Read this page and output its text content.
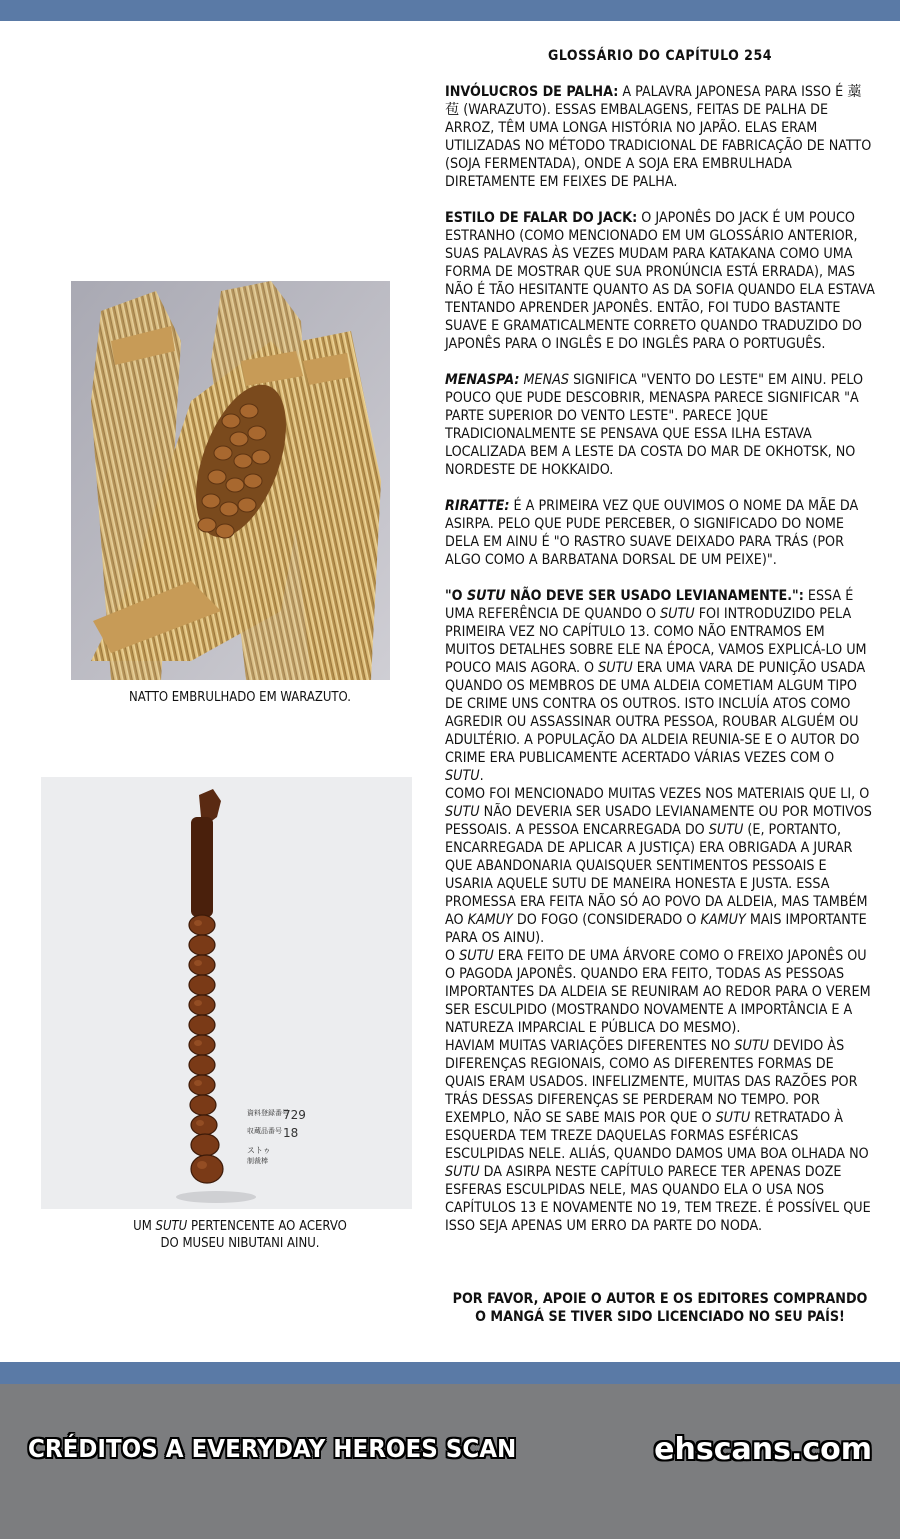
NATTO EMBRULHADO EM WARAZUTO.
資料登録番号
729
収蔵品番号 18
ストゥ
制裁棒
UM SUTU PERTENCENTE AO ACERVO
DO MUSEU NIBUTANI AINU.
GLOSSÁRIO DO CAPÍTULO 254

INVÓLUCROS DE PALHA: A PALAVRA JAPONESA PARA ISSO É 藁苞 (WARAZUTO). ESSAS EMBALAGENS, FEITAS DE PALHA DE ARROZ, TÊM UMA LONGA HISTÓRIA NO JAPÃO. ELAS ERAM UTILIZADAS NO MÉTODO TRADICIONAL DE FABRICAÇÃO DE NATTO (SOJA FERMENTADA), ONDE A SOJA ERA EMBRULHADA DIRETAMENTE EM FEIXES DE PALHA.

ESTILO DE FALAR DO JACK: O JAPONÊS DO JACK É UM POUCO ESTRANHO (COMO MENCIONADO EM UM GLOSSÁRIO ANTERIOR, SUAS PALAVRAS ÀS VEZES MUDAM PARA KATAKANA COMO UMA FORMA DE MOSTRAR QUE SUA PRONÚNCIA ESTÁ ERRADA), MAS NÃO É TÃO HESITANTE QUANTO AS DA SOFIA QUANDO ELA ESTAVA TENTANDO APRENDER JAPONÊS. ENTÃO, FOI TUDO BASTANTE SUAVE E GRAMATICALMENTE CORRETO QUANDO TRADUZIDO DO JAPONÊS PARA O INGLÊS E DO INGLÊS PARA O PORTUGUÊS.

MENASPA: MENAS SIGNIFICA "VENTO DO LESTE" EM AINU. PELO POUCO QUE PUDE DESCOBRIR, MENASPA PARECE SIGNIFICAR "A PARTE SUPERIOR DO VENTO LESTE". PARECE ]QUE TRADICIONALMENTE SE PENSAVA QUE ESSA ILHA ESTAVA LOCALIZADA BEM A LESTE DA COSTA DO MAR DE OKHOTSK, NO NORDESTE DE HOKKAIDO.

RIRATTE: É A PRIMEIRA VEZ QUE OUVIMOS O NOME DA MÃE DA ASIRPA. PELO QUE PUDE PERCEBER, O SIGNIFICADO DO NOME DELA EM AINU É "O RASTRO SUAVE DEIXADO PARA TRÁS (POR ALGO COMO A BARBATANA DORSAL DE UM PEIXE)".

"O SUTU NÃO DEVE SER USADO LEVIANAMENTE.": ESSA É UMA REFERÊNCIA DE QUANDO O SUTU FOI INTRODUZIDO PELA PRIMEIRA VEZ NO CAPÍTULO 13. COMO NÃO ENTRAMOS EM MUITOS DETALHES SOBRE ELE NA ÉPOCA, VAMOS EXPLICÁ-LO UM POUCO MAIS AGORA. O SUTU ERA UMA VARA DE PUNIÇÃO USADA QUANDO OS MEMBROS DE UMA ALDEIA COMETIAM ALGUM TIPO DE CRIME UNS CONTRA OS OUTROS. ISTO INCLUÍA ATOS COMO AGREDIR OU ASSASSINAR OUTRA PESSOA, ROUBAR ALGUÉM OU ADULTÉRIO. A POPULAÇÃO DA ALDEIA REUNIA-SE E O AUTOR DO CRIME ERA PUBLICAMENTE ACERTADO VÁRIAS VEZES COM O SUTU.

COMO FOI MENCIONADO MUITAS VEZES NOS MATERIAIS QUE LI, O SUTU NÃO DEVERIA SER USADO LEVIANAMENTE OU POR MOTIVOS PESSOAIS. A PESSOA ENCARREGADA DO SUTU (E, PORTANTO, ENCARREGADA DE APLICAR A JUSTIÇA) ERA OBRIGADA A JURAR QUE ABANDONARIA QUAISQUER SENTIMENTOS PESSOAIS E USARIA AQUELE SUTU DE MANEIRA HONESTA E JUSTA. ESSA PROMESSA ERA FEITA NÃO SÓ AO POVO DA ALDEIA, MAS TAMBÉM AO KAMUY DO FOGO (CONSIDERADO O KAMUY MAIS IMPORTANTE PARA OS AINU).

O SUTU ERA FEITO DE UMA ÁRVORE COMO O FREIXO JAPONÊS OU O PAGODA JAPONÊS. QUANDO ERA FEITO, TODAS AS PESSOAS IMPORTANTES DA ALDEIA SE REUNIRAM AO REDOR PARA O VEREM SER ESCULPIDO (MOSTRANDO NOVAMENTE A IMPORTÂNCIA E A NATUREZA IMPARCIAL E PÚBLICA DO MESMO).

HAVIAM MUITAS VARIAÇÕES DIFERENTES NO SUTU DEVIDO ÀS DIFERENÇAS REGIONAIS, COMO AS DIFERENTES FORMAS DE QUAIS ERAM USADOS. INFELIZMENTE, MUITAS DAS RAZÕES POR TRÁS DESSAS DIFERENÇAS SE PERDERAM NO TEMPO. POR EXEMPLO, NÃO SE SABE MAIS POR QUE O SUTU RETRATADO À ESQUERDA TEM TREZE DAQUELAS FORMAS ESFÉRICAS ESCULPIDAS NELE. ALIÁS, QUANDO DAMOS UMA BOA OLHADA NO SUTU DA ASIRPA NESTE CAPÍTULO PARECE TER APENAS DOZE ESFERAS ESCULPIDAS NELE, MAS QUANDO ELA O USA NOS CAPÍTULOS 13 E NOVAMENTE NO 19, TEM TREZE. É POSSÍVEL QUE ISSO SEJA APENAS UM ERRO DA PARTE DO NODA.

POR FAVOR, APOIE O AUTOR E OS EDITORES COMPRANDO
O MANGÁ SE TIVER SIDO LICENCIADO NO SEU PAÍS!
CRÉDITOS A EVERYDAY HEROES SCAN	ehscans.com
